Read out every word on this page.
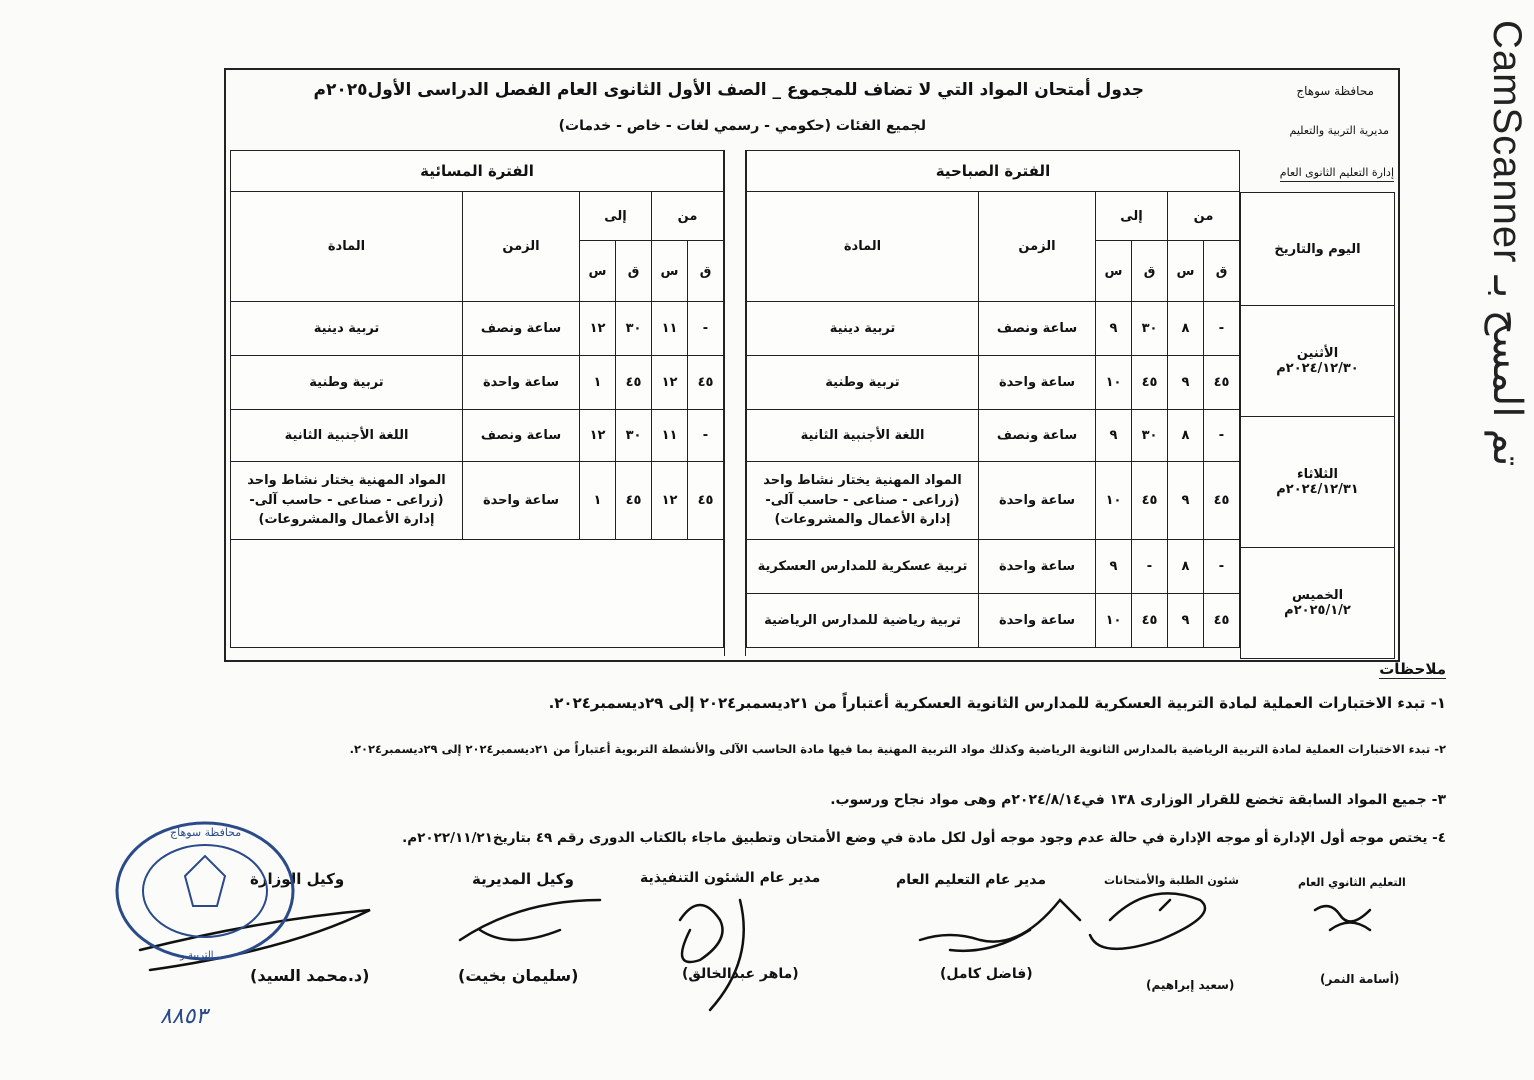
CamScanner تم المسح بـ
محافظة سوهاج
مديرية التربية والتعليم
إدارة التعليم الثانوى العام
جدول أمتحان المواد التي لا تضاف للمجموع _ الصف الأول الثانوى العام الفصل الدراسى الأول٢٠٢٥م
لجميع الفئات (حكومي - رسمي لغات - خاص - خدمات)
اليوم والتاريخ

الأثنين
٢٠٢٤/١٢/٣٠م

الثلاثاء
٢٠٢٤/١٢/٣١م

الخميس
٢٠٢٥/١/٢م
الفترة الصباحية					
من		إلى		الزمن	المادة
ق	س	ق	س		
-	٨	٣٠	٩	ساعة ونصف	تربية دينية
٤٥	٩	٤٥	١٠	ساعة واحدة	تربية وطنية
-	٨	٣٠	٩	ساعة ونصف	اللغة الأجنبية الثانية
٤٥	٩	٤٥	١٠	ساعة واحدة	المواد المهنية يختار نشاط واحد (زراعى - صناعى - حاسب آلى-إدارة الأعمال والمشروعات)
-	٨	-	٩	ساعة واحدة	تربية عسكرية للمدارس العسكرية
٤٥	٩	٤٥	١٠	ساعة واحدة	تربية رياضية للمدارس الرياضية
الفترة المسائية					
من		إلى		الزمن	المادة
ق	س	ق	س		
-	١١	٣٠	١٢	ساعة ونصف	تربية دينية
٤٥	١٢	٤٥	١	ساعة واحدة	تربية وطنية
-	١١	٣٠	١٢	ساعة ونصف	اللغة الأجنبية الثانية
٤٥	١٢	٤٥	١	ساعة واحدة	المواد المهنية يختار نشاط واحد (زراعى - صناعى - حاسب آلى-إدارة الأعمال والمشروعات)

ملاحظات
١- تبدء الاختبارات العملية لمادة التربية العسكرية للمدارس الثانوية العسكرية أعتباراً من ٢١ديسمبر٢٠٢٤ إلى ٢٩ديسمبر٢٠٢٤.
٢- تبدء الاختبارات العملية لمادة التربية الرياضية بالمدارس الثانوية الرياضية وكذلك مواد التربية المهنية بما فيها مادة الحاسب الآلى والأنشطة التربوية أعتباراً من ٢١ديسمبر٢٠٢٤ إلى ٢٩ديسمبر٢٠٢٤.
٣- جميع المواد السابقة تخضع للقرار الوزارى ١٣٨ في٢٠٢٤/٨/١٤م وهى مواد نجاح ورسوب.
٤- يختص موجه أول الإدارة أو موجه الإدارة في حالة عدم وجود موجه أول لكل مادة في وضع الأمتحان وتطبيق ماجاء بالكتاب الدورى رقم ٤٩ بتاريخ٢٠٢٢/١١/٢١م.
التعليم الثانوي العام
شئون الطلبة والأمتحانات
مدير عام التعليم العام
مدير عام الشئون التنفيذية
وكيل المديرية
وكيل الوزارة
محافظة سوهاج
التربية و
(أسامة النمر)
(سعيد إبراهيم)
(فاضل كامل)
(ماهر عبدالخالق)
(سليمان بخيت)
(د.محمد السيد)
٨٨٥٣
